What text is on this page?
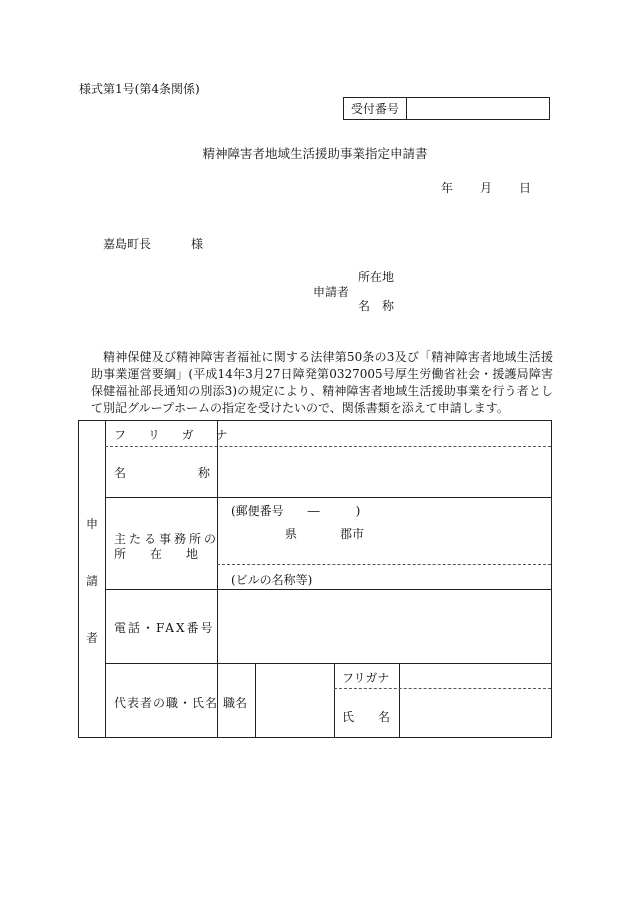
様式第1号(第4条関係)
受付番号
精神障害者地域生活援助事業指定申請書
年 月 日
嘉島町長	様
所在地
申請者
名　称
精神保健及び精神障害者福祉に関する法律第50条の3及び「精神障害者地域生活援助事業運営要綱」(平成14年3月27日障発第0327005号厚生労働省社会・援護局障害保健福祉部長通知の別添3)の規定により、精神障害者地域生活援助事業を行う者として別記グループホームの指定を受けたいので、関係書類を添えて申請します。
申
請
者
フ リ ガ ナ
名　　　　　　称
主たる事務所の
所　　在　　地
(郵便番号　　―　　　)
県	郡市
(ビルの名称等)
電話・FAX番号
代表者の職・氏名 職名
フリガナ
氏　　名
